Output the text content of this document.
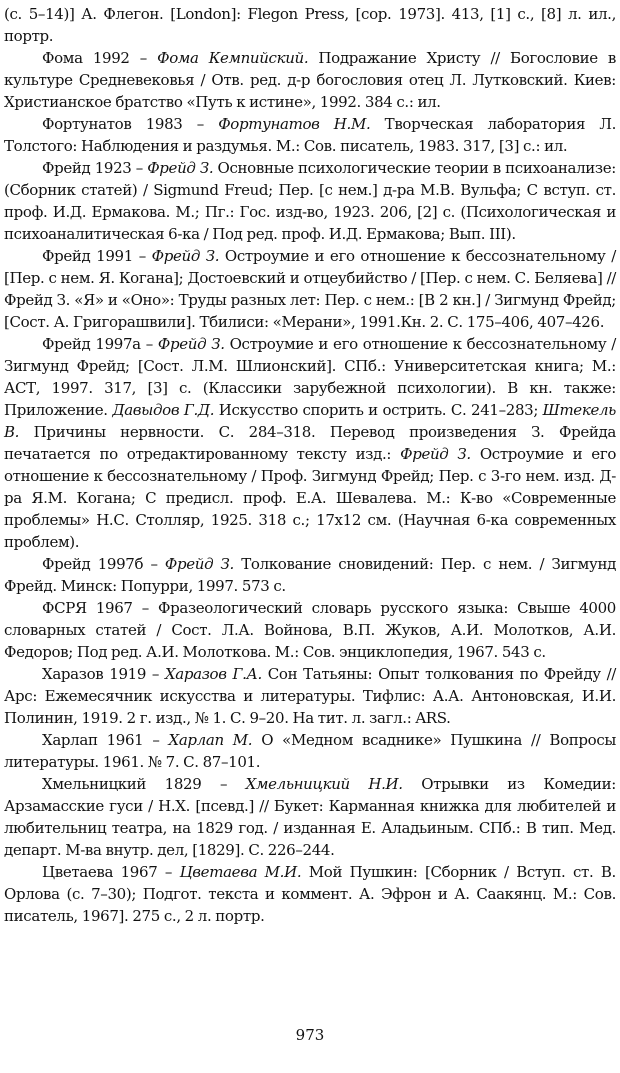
(с. 5–14)] А. Флегон. [London]: Flegon Press, [cop. 1973]. 413, [1] с., [8] л. ил., портр.

Фома 1992 – Фома Кемпийский. Подражание Христу // Богословие в культуре Средневековья / Отв. ред. д-р богословия отец Л. Лутковский. Киев: Христианское братство «Путь к истине», 1992. 384 с.: ил.

Фортунатов 1983 – Фортунатов Н.М. Творческая лаборатория Л. Толстого: Наблюдения и раздумья. М.: Сов. писатель, 1983. 317, [3] с.: ил.

Фрейд 1923 – Фрейд З. Основные психологические теории в психоанализе: (Сборник статей) / Sigmund Freud; Пер. [с нем.] д-ра М.В. Вульфа; С вступ. ст. проф. И.Д. Ермакова. М.; Пг.: Гос. изд-во, 1923. 206, [2] с. (Психологическая и психоаналитическая 6-ка / Под ред. проф. И.Д. Ермакова; Вып. III).

Фрейд 1991 – Фрейд З. Остроумие и его отношение к бессознательному / [Пер. с нем. Я. Когана]; Достоевский и отцеубийство / [Пер. с нем. С. Беляева] // Фрейд З. «Я» и «Оно»: Труды разных лет: Пер. с нем.: [В 2 кн.] / Зигмунд Фрейд; [Сост. А. Григорашвили]. Тбилиси: «Мерани», 1991.Кн. 2. С. 175–406, 407–426.

Фрейд 1997а – Фрейд З. Остроумие и его отношение к бессознательному / Зигмунд Фрейд; [Сост. Л.М. Шлионский]. СПб.: Университетская книга; М.: АСТ, 1997. 317, [3] с. (Классики зарубежной психологии). В кн. также: Приложение. Давыдов Г.Д. Искусство спорить и острить. С. 241–283; Штекель В. Причины нервности. С. 284–318. Перевод произведения З. Фрейда печатается по отредактированному тексту изд.: Фрейд З. Остроумие и его отношение к бессознательному / Проф. Зигмунд Фрейд; Пер. с 3-го нем. изд. Д-ра Я.М. Когана; С предисл. проф. Е.А. Шевалева. М.: К-во «Современные проблемы» Н.С. Столляр, 1925. 318 с.; 17x12 см. (Научная 6-ка современных проблем).

Фрейд 1997б – Фрейд З. Толкование сновидений: Пер. с нем. / Зигмунд Фрейд. Минск: Попурри, 1997. 573 с.

ФСРЯ 1967 – Фразеологический словарь русского языка: Свыше 4000 словарных статей / Сост. Л.А. Войнова, В.П. Жуков, А.И. Молотков, А.И. Федоров; Под ред. А.И. Молоткова. М.: Сов. энциклопедия, 1967. 543 с.

Харазов 1919 – Харазов Г.А. Сон Татьяны: Опыт толкования по Фрейду // Арс: Ежемесячник искусства и литературы. Тифлис: А.А. Антоновская, И.И. Полинин, 1919. 2 г. изд., № 1. С. 9–20. На тит. л. загл.: ARS.

Харлап 1961 – Харлап М. О «Медном всаднике» Пушкина // Вопросы литературы. 1961. № 7. С. 87–101.

Хмельницкий 1829 – Хмельницкий Н.И. Отрывки из Комедии: Арзамасские гуси / Н.Х. [псевд.] // Букет: Карманная книжка для любителей и любительниц театра, на 1829 год. / изданная Е. Аладьиным. СПб.: В тип. Мед. департ. М-ва внутр. дел, [1829]. С. 226–244.

Цветаева 1967 – Цветаева М.И. Мой Пушкин: [Сборник / Вступ. ст. В. Орлова (с. 7–30); Подгот. текста и коммент. А. Эфрон и А. Саакянц. М.: Сов. писатель, 1967]. 275 с., 2 л. портр.

973
